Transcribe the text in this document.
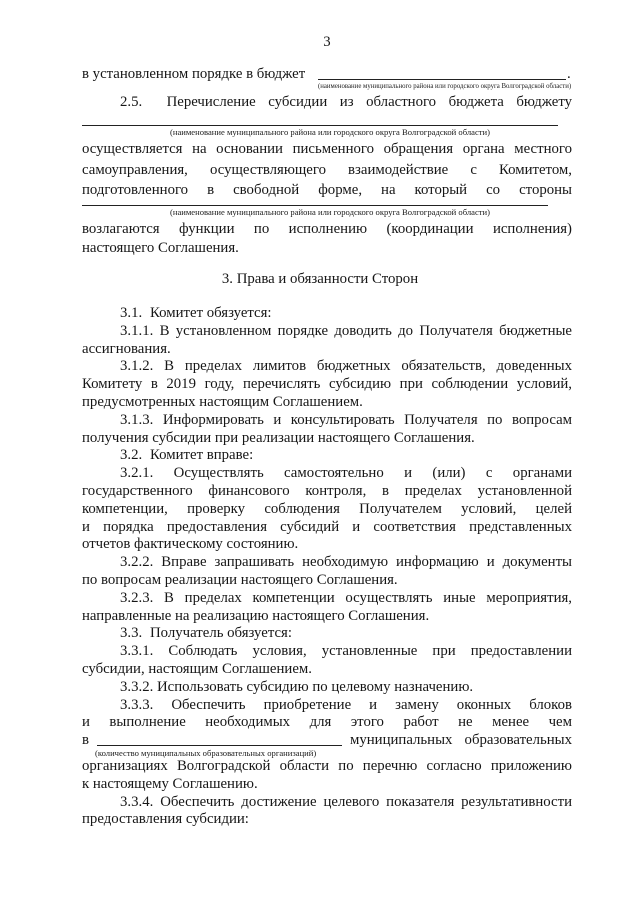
3
в установленном порядке в бюджет	.
(наименование муниципального района или городского округа Волгоградской области)
2.5. Перечисление субсидии из областного бюджета бюджету
(наименование муниципального района или городского округа Волгоградской области)
осуществляется на основании письменного обращения органа местного
самоуправления, осуществляющего взаимодействие с Комитетом,
подготовленного в свободной форме, на который со стороны
(наименование муниципального района или городского округа Волгоградской области)
возлагаются функции по исполнению (координации исполнения)
настоящего Соглашения.
3. Права и обязанности Сторон
3.1. Комитет обязуется:
3.1.1. В установленном порядке доводить до Получателя бюджетные
ассигнования.
3.1.2. В пределах лимитов бюджетных обязательств, доведенных
Комитету в 2019 году, перечислять субсидию при соблюдении условий,
предусмотренных настоящим Соглашением.
3.1.3. Информировать и консультировать Получателя по вопросам
получения субсидии при реализации настоящего Соглашения.
3.2. Комитет вправе:
3.2.1. Осуществлять самостоятельно и (или) с органами
государственного финансового контроля, в пределах установленной
компетенции, проверку соблюдения Получателем условий, целей
и порядка предоставления субсидий и соответствия представленных
отчетов фактическому состоянию.
3.2.2. Вправе запрашивать необходимую информацию и документы
по вопросам реализации настоящего Соглашения.
3.2.3. В пределах компетенции осуществлять иные мероприятия,
направленные на реализацию настоящего Соглашения.
3.3. Получатель обязуется:
3.3.1. Соблюдать условия, установленные при предоставлении
субсидии, настоящим Соглашением.
3.3.2. Использовать субсидию по целевому назначению.
3.3.3. Обеспечить приобретение и замену оконных блоков
и выполнение необходимых для этого работ не менее чем
в	муниципальных образовательных
(количество муниципальных образовательных организаций)
организациях Волгоградской области по перечню согласно приложению
к настоящему Соглашению.
3.3.4. Обеспечить достижение целевого показателя результативности
предоставления субсидии:
